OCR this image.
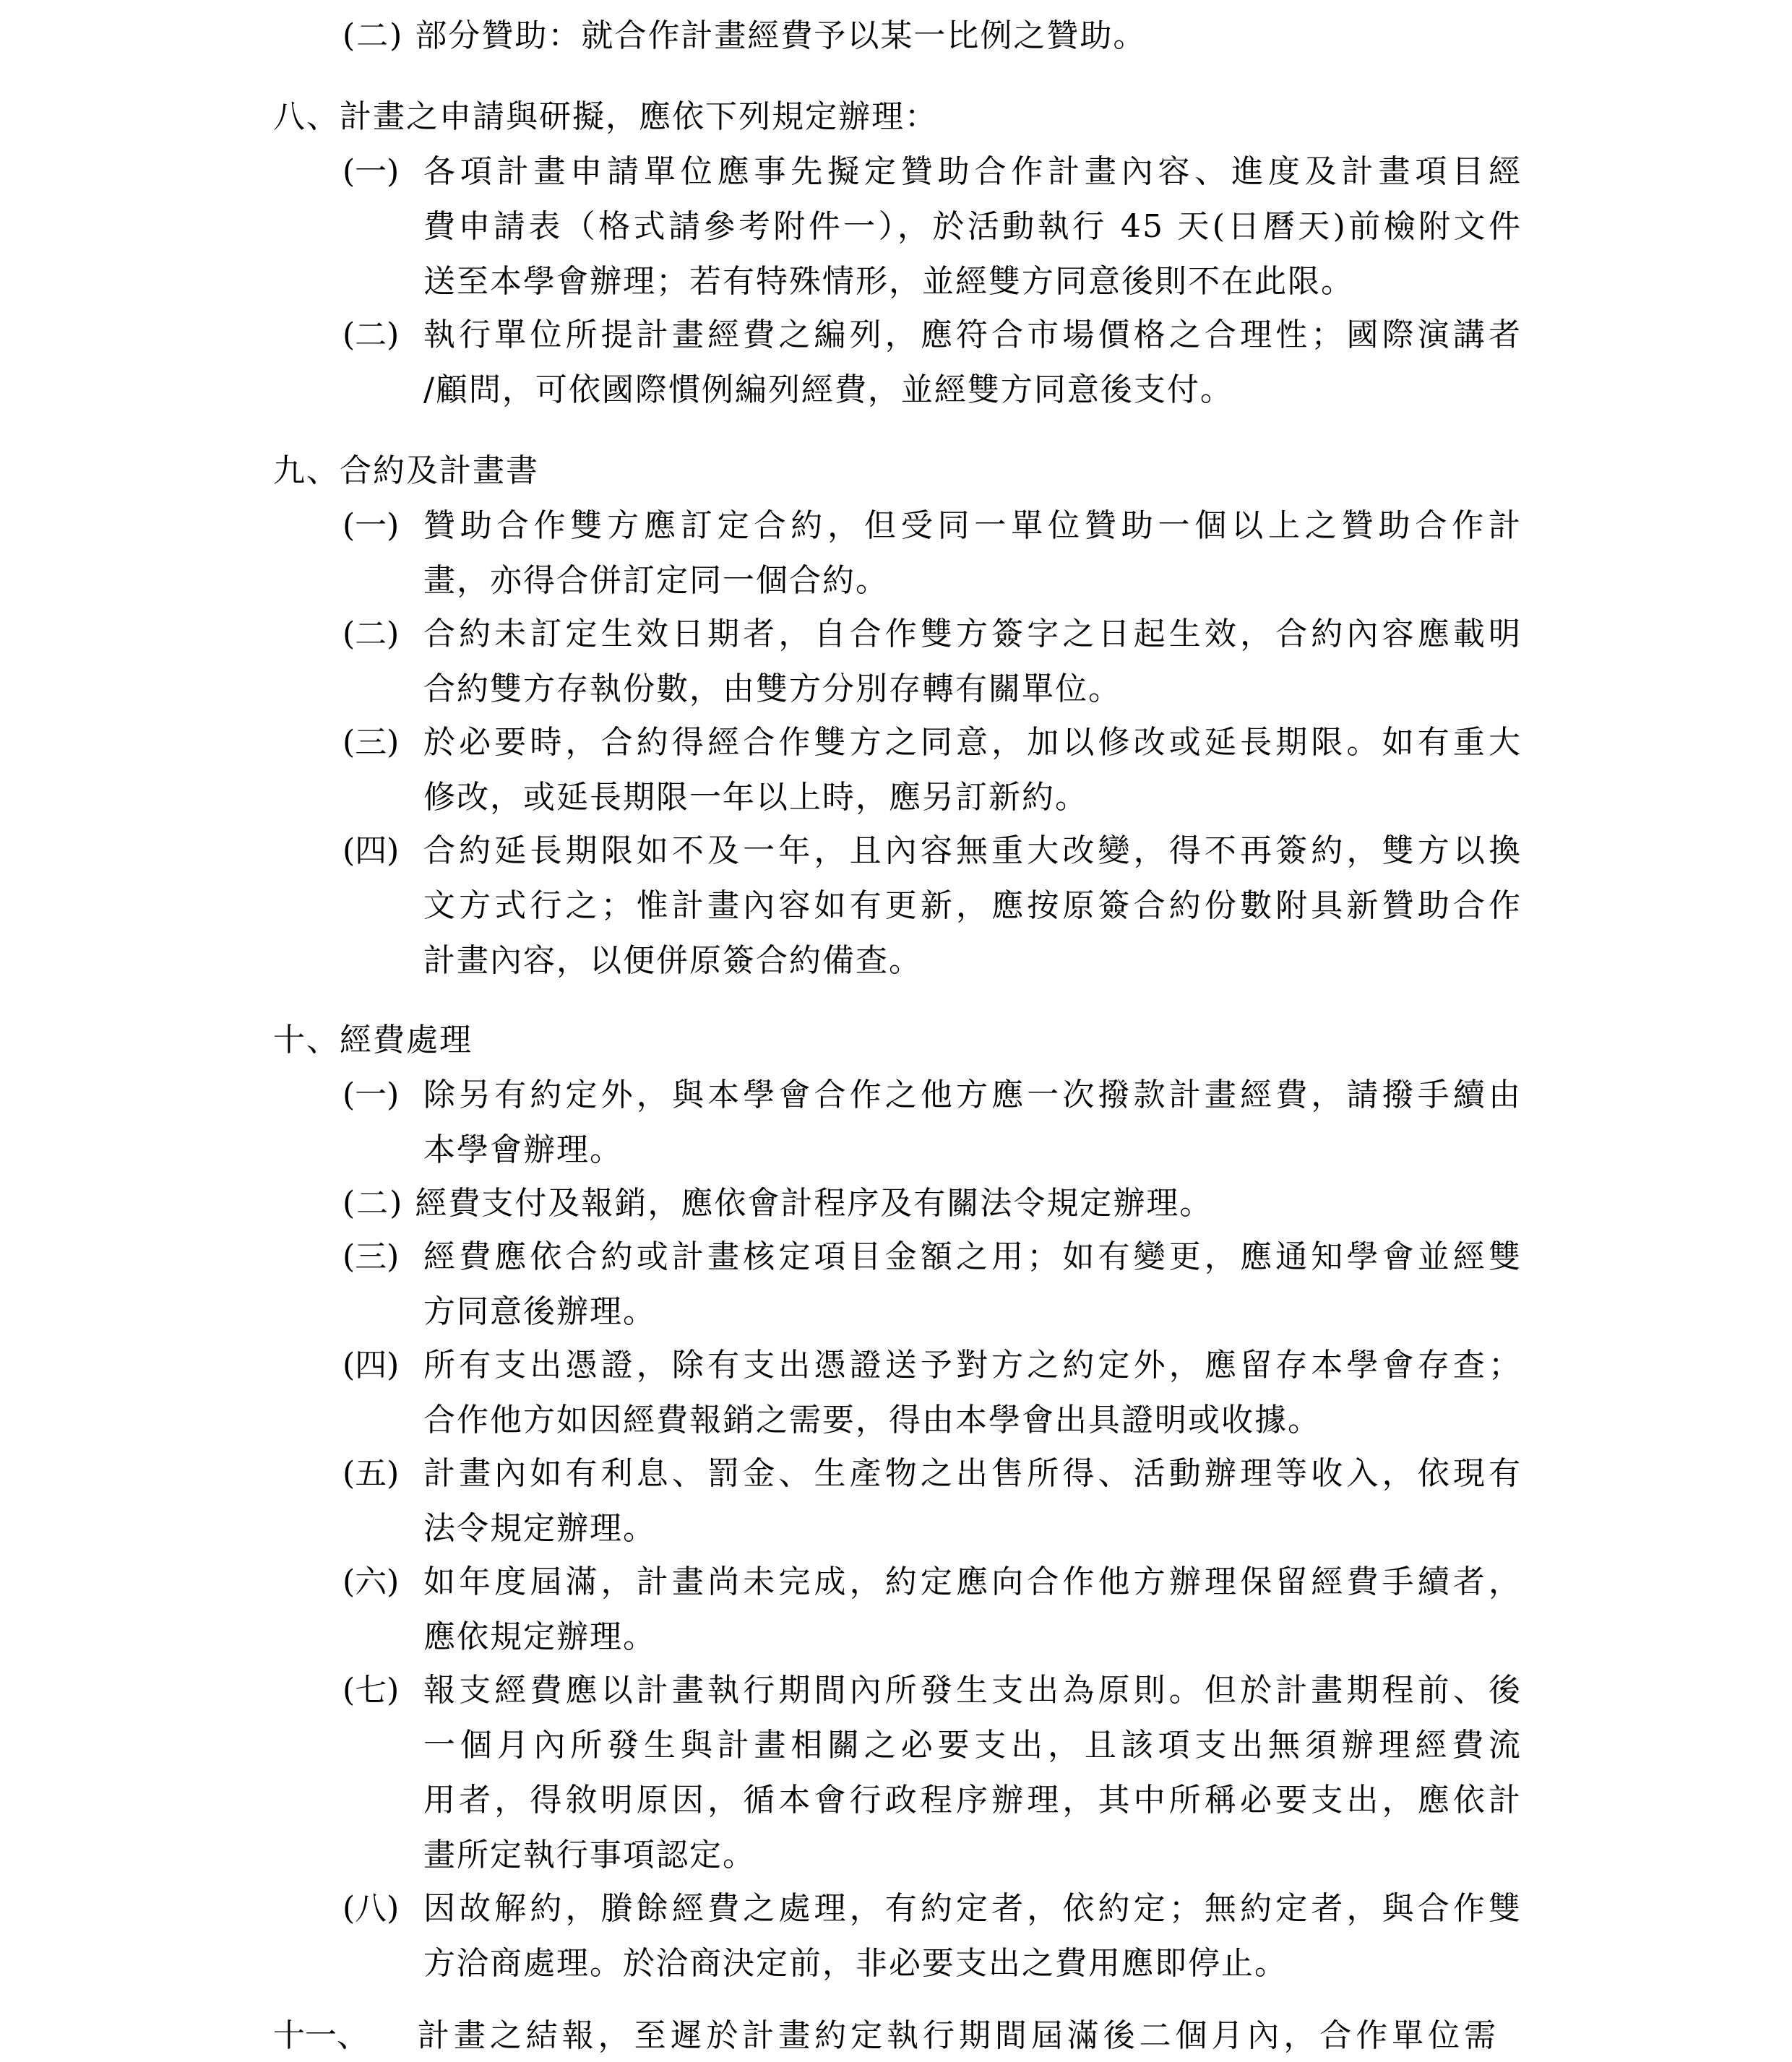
(二) 部分贊助：就合作計畫經費予以某一比例之贊助。
八、計畫之申請與研擬，應依下列規定辦理：
(一) 各項計畫申請單位應事先擬定贊助合作計畫內容、進度及計畫項目經
費申請表（格式請參考附件一），於活動執行 45 天(日曆天)前檢附文件
送至本學會辦理；若有特殊情形，並經雙方同意後則不在此限。
(二) 執行單位所提計畫經費之編列，應符合市場價格之合理性；國際演講者
/顧問，可依國際慣例編列經費，並經雙方同意後支付。
九、合約及計畫書
(一) 贊助合作雙方應訂定合約，但受同一單位贊助一個以上之贊助合作計
畫，亦得合併訂定同一個合約。
(二) 合約未訂定生效日期者，自合作雙方簽字之日起生效，合約內容應載明
合約雙方存執份數，由雙方分別存轉有關單位。
(三) 於必要時，合約得經合作雙方之同意，加以修改或延長期限。如有重大
修改，或延長期限一年以上時，應另訂新約。
(四) 合約延長期限如不及一年，且內容無重大改變，得不再簽約，雙方以換
文方式行之；惟計畫內容如有更新，應按原簽合約份數附具新贊助合作
計畫內容，以便併原簽合約備查。
十、經費處理
(一) 除另有約定外，與本學會合作之他方應一次撥款計畫經費，請撥手續由
本學會辦理。
(二) 經費支付及報銷，應依會計程序及有關法令規定辦理。
(三) 經費應依合約或計畫核定項目金額之用；如有變更，應通知學會並經雙
方同意後辦理。
(四) 所有支出憑證，除有支出憑證送予對方之約定外，應留存本學會存查；
合作他方如因經費報銷之需要，得由本學會出具證明或收據。
(五) 計畫內如有利息、罰金、生產物之出售所得、活動辦理等收入，依現有
法令規定辦理。
(六) 如年度屆滿，計畫尚未完成，約定應向合作他方辦理保留經費手續者，
應依規定辦理。
(七) 報支經費應以計畫執行期間內所發生支出為原則。但於計畫期程前、後
一個月內所發生與計畫相關之必要支出，且該項支出無須辦理經費流
用者，得敘明原因，循本會行政程序辦理，其中所稱必要支出，應依計
畫所定執行事項認定。
(八) 因故解約，賸餘經費之處理，有約定者，依約定；無約定者，與合作雙
方洽商處理。於洽商決定前，非必要支出之費用應即停止。
十一、 計畫之結報，至遲於計畫約定執行期間屆滿後二個月內，合作單位需
